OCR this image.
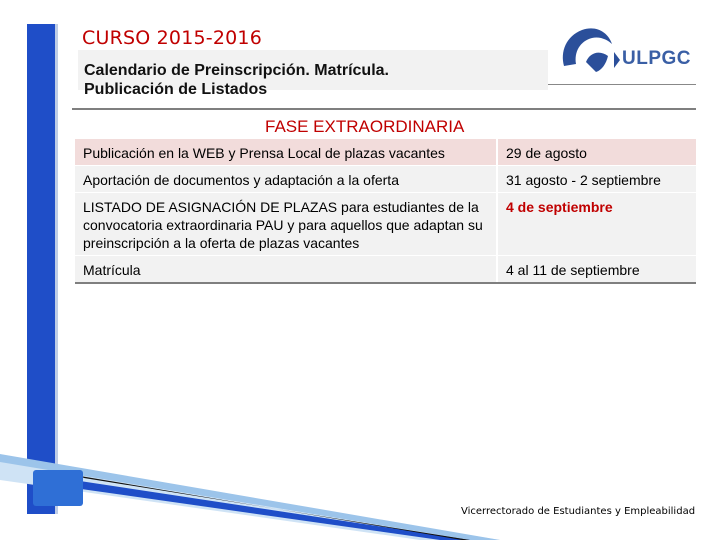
CURSO 2015-2016
Calendario de Preinscripción. Matrícula.
Publicación de Listados
ULPGC
FASE EXTRAORDINARIA
Publicación en la WEB y Prensa Local de plazas vacantes	29 de agosto
Aportación de documentos y adaptación a la oferta	31 agosto - 2 septiembre
LISTADO DE ASIGNACIÓN DE PLAZAS para estudiantes de la convocatoria extraordinaria PAU y para aquellos que adaptan su preinscripción a la oferta de plazas vacantes	4 de septiembre
Matrícula	4 al 11 de septiembre
Vicerrectorado de Estudiantes y Empleabilidad
